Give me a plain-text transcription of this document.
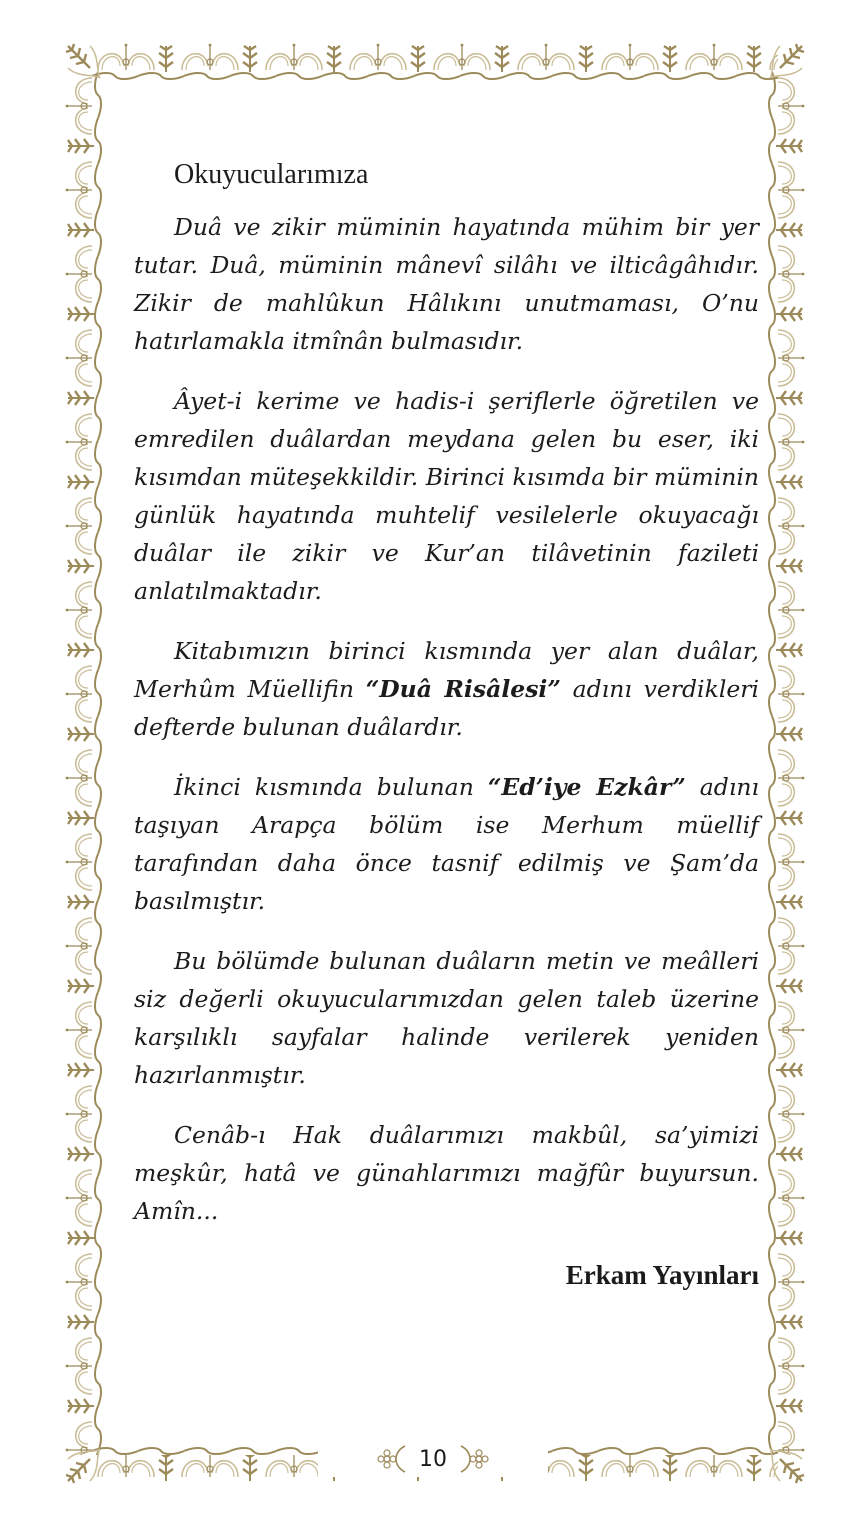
10
Okuyucularımıza

Duâ ve zikir müminin hayatında mühim bir yer tutar. Duâ, müminin mânevî silâhı ve ilticâgâhıdır. Zikir de mahlûkun Hâlıkını unutmaması, O’nu hatırlamakla itmînân bulmasıdır.

Âyet-i kerime ve hadis-i şeriflerle öğretilen ve emredilen duâlardan meydana gelen bu eser, iki kısımdan müteşekkildir. Birinci kısımda bir müminin günlük hayatında muhtelif vesilelerle okuyacağı duâlar ile zikir ve Kur’an tilâvetinin fazileti anlatılmaktadır.

Kitabımızın birinci kısmında yer alan duâlar, Merhûm Müellifin “Duâ Risâlesi” adını verdikleri defterde bulunan duâlardır.

İkinci kısmında bulunan “Ed’iye Ezkâr” adını taşıyan Arapça bölüm ise Merhum müellif tarafından daha önce tasnif edilmiş ve Şam’da basılmıştır.

Bu bölümde bulunan duâların metin ve meâlleri siz değerli okuyucularımızdan gelen taleb üzerine karşılıklı sayfalar halinde verilerek yeniden hazırlanmıştır.

Cenâb-ı Hak duâlarımızı makbûl, sa’yimizi meşkûr, hatâ ve günahlarımızı mağfûr buyursun. Amîn...

Erkam Yayınları
